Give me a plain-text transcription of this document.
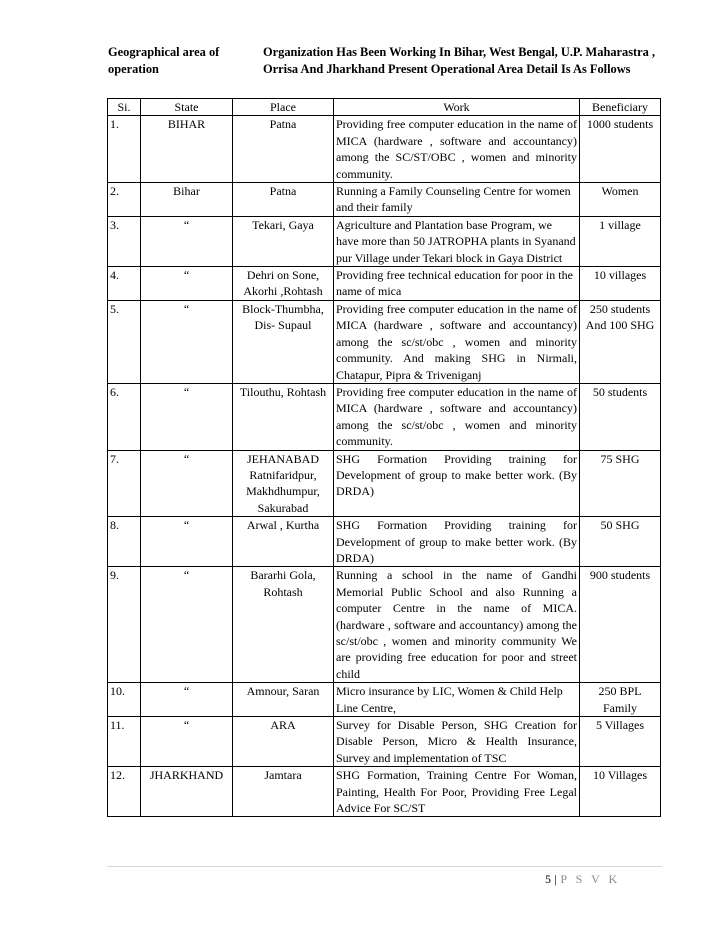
Geographical area of operation
Organization Has Been Working In Bihar, West Bengal, U.P. Maharastra , Orrisa And Jharkhand Present Operational Area Detail Is As Follows
Si.	State	Place	Work	Beneficiary
1.	BIHAR	Patna	Providing free computer education in the name of MICA (hardware , software and accountancy) among the SC/ST/OBC , women and minority community.	1000 students
2.	Bihar	Patna	Running a Family Counseling Centre for women and their family	Women
3.	“	Tekari, Gaya	Agriculture and Plantation base Program, we have more than 50 JATROPHA plants in Syanand pur Village under Tekari block in Gaya District	1 village
4.	“	Dehri on Sone, Akorhi ,Rohtash	Providing free technical education for poor in the name of mica	10 villages
5.	“	Block-Thumbha, Dis- Supaul	Providing free computer education in the name of MICA (hardware , software and accountancy) among the sc/st/obc , women and minority community. And making SHG in Nirmali, Chatapur, Pipra & Triveniganj	250 students And 100 SHG
6.	“	Tilouthu, Rohtash	Providing free computer education in the name of MICA (hardware , software and accountancy) among the sc/st/obc , women and minority community.	50 students
7.	“	JEHANABAD Ratnifaridpur, Makhdhumpur, Sakurabad	SHG Formation Providing training for Development of group to make better work. (By DRDA)	75 SHG
8.	“	Arwal , Kurtha	SHG Formation Providing training for Development of group to make better work. (By DRDA)	50 SHG
9.	“	Bararhi Gola, Rohtash	Running a school in the name of Gandhi Memorial Public School and also Running a computer Centre in the name of MICA. (hardware , software and accountancy) among the sc/st/obc , women and minority community We are providing free education for poor and street child	900 students
10.	“	Amnour, Saran	Micro insurance by LIC, Women & Child Help Line Centre,	250 BPL Family
11.	“	ARA	Survey for Disable Person, SHG Creation for Disable Person, Micro & Health Insurance, Survey and implementation of TSC	5 Villages
12.	JHARKHAND	Jamtara	SHG Formation, Training Centre For Woman, Painting, Health For Poor, Providing Free Legal Advice For SC/ST	10 Villages
5 | P S V K
